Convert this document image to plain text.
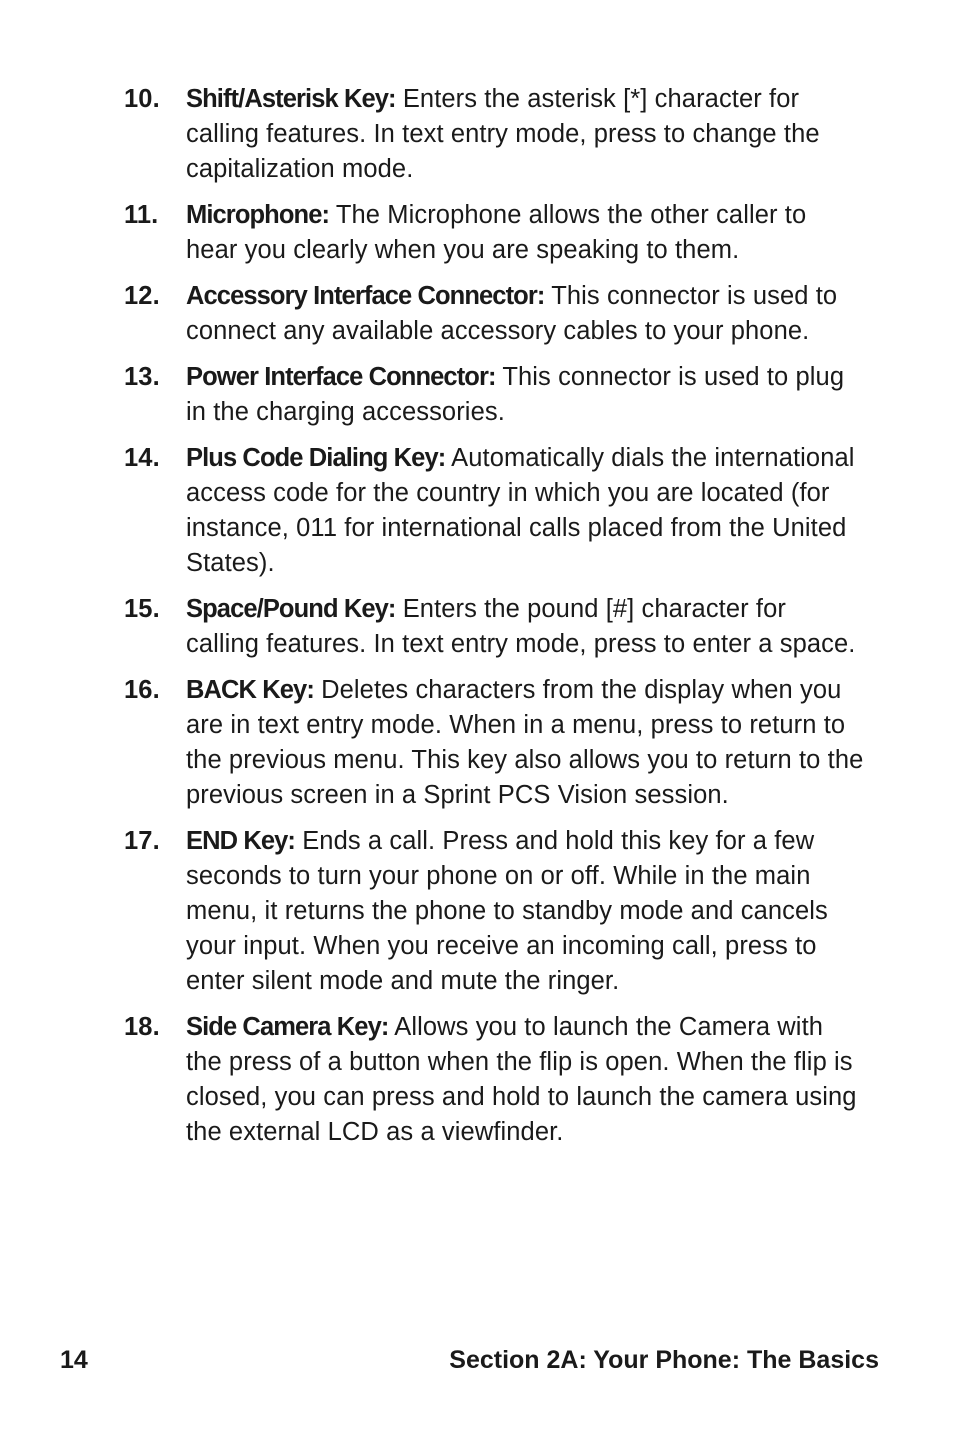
10. Shift/Asterisk Key: Enters the asterisk [*] character for calling features. In text entry mode, press to change the capitalization mode.
11. Microphone: The Microphone allows the other caller to hear you clearly when you are speaking to them.
12. Accessory Interface Connector: This connector is used to connect any available accessory cables to your phone.
13. Power Interface Connector: This connector is used to plug in the charging accessories.
14. Plus Code Dialing Key: Automatically dials the international access code for the country in which you are located (for instance, 011 for international calls placed from the United States).
15. Space/Pound Key: Enters the pound [#] character for calling features. In text entry mode, press to enter a space.
16. BACK Key: Deletes characters from the display when you are in text entry mode. When in a menu, press to return to the previous menu. This key also allows you to return to the previous screen in a Sprint PCS Vision session.
17. END Key: Ends a call. Press and hold this key for a few seconds to turn your phone on or off. While in the main menu, it returns the phone to standby mode and cancels your input. When you receive an incoming call, press to enter silent mode and mute the ringer.
18. Side Camera Key: Allows you to launch the Camera with the press of a button when the flip is open. When the flip is closed, you can press and hold to launch the camera using the external LCD as a viewfinder.
14	Section 2A: Your Phone: The Basics
